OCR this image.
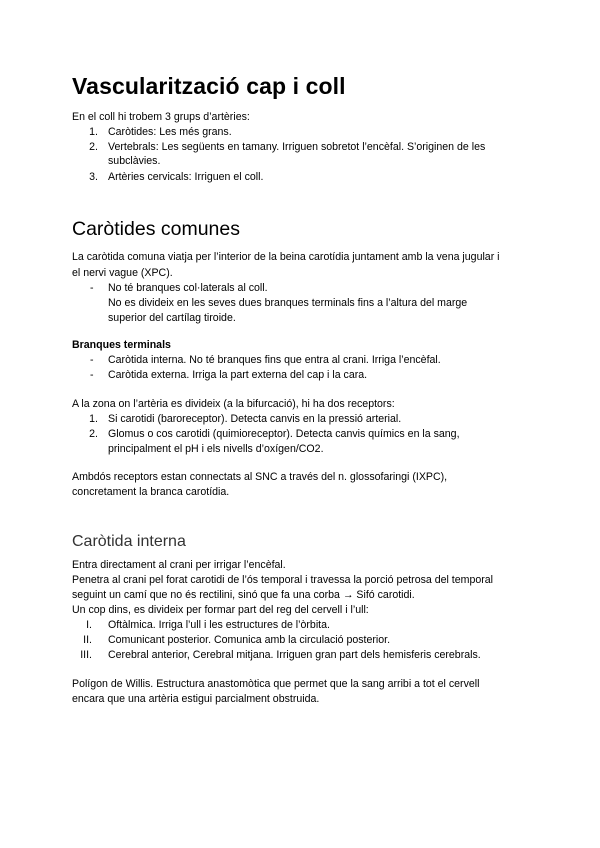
Vascularització cap i coll
En el coll hi trobem 3 grups d’artèries:
1. Caròtides: Les més grans.
2. Vertebrals: Les següents en tamany. Irriguen sobretot l’encèfal. S’originen de les
subclàvies.
3. Artèries cervicals: Irriguen el coll.
Caròtides comunes
La caròtida comuna viatja per l’interior de la beina carotídia juntament amb la vena jugular i
el nervi vague (XPC).
- No té branques col·laterals al coll.
No es divideix en les seves dues branques terminals fins a l’altura del marge
superior del cartílag tiroide.
Branques terminals
- Caròtida interna. No té branques fins que entra al crani. Irriga l’encèfal.
- Caròtida externa. Irriga la part externa del cap i la cara.
A la zona on l’artèria es divideix (a la bifurcació), hi ha dos receptors:
1. Si carotidi (baroreceptor). Detecta canvis en la pressió arterial.
2. Glomus o cos carotidi (quimioreceptor). Detecta canvis químics en la sang,
principalment el pH i els nivells d’oxígen/CO2.
Ambdós receptors estan connectats al SNC a través del n. glossofaringi (IXPC),
concretament la branca carotídia.
Caròtida interna
Entra directament al crani per irrigar l’encèfal.
Penetra al crani pel forat carotidi de l’ós temporal i travessa la porció petrosa del temporal
seguint un camí que no és rectilini, sinó que fa una corba → Sifó carotidi.
Un cop dins, es divideix per formar part del reg del cervell i l’ull:
I. Oftàlmica. Irriga l’ull i les estructures de l’òrbita.
II. Comunicant posterior. Comunica amb la circulació posterior.
III. Cerebral anterior, Cerebral mitjana. Irriguen gran part dels hemisferis cerebrals.
Polígon de Willis. Estructura anastomòtica que permet que la sang arribi a tot el cervell
encara que una artèria estigui parcialment obstruida.
